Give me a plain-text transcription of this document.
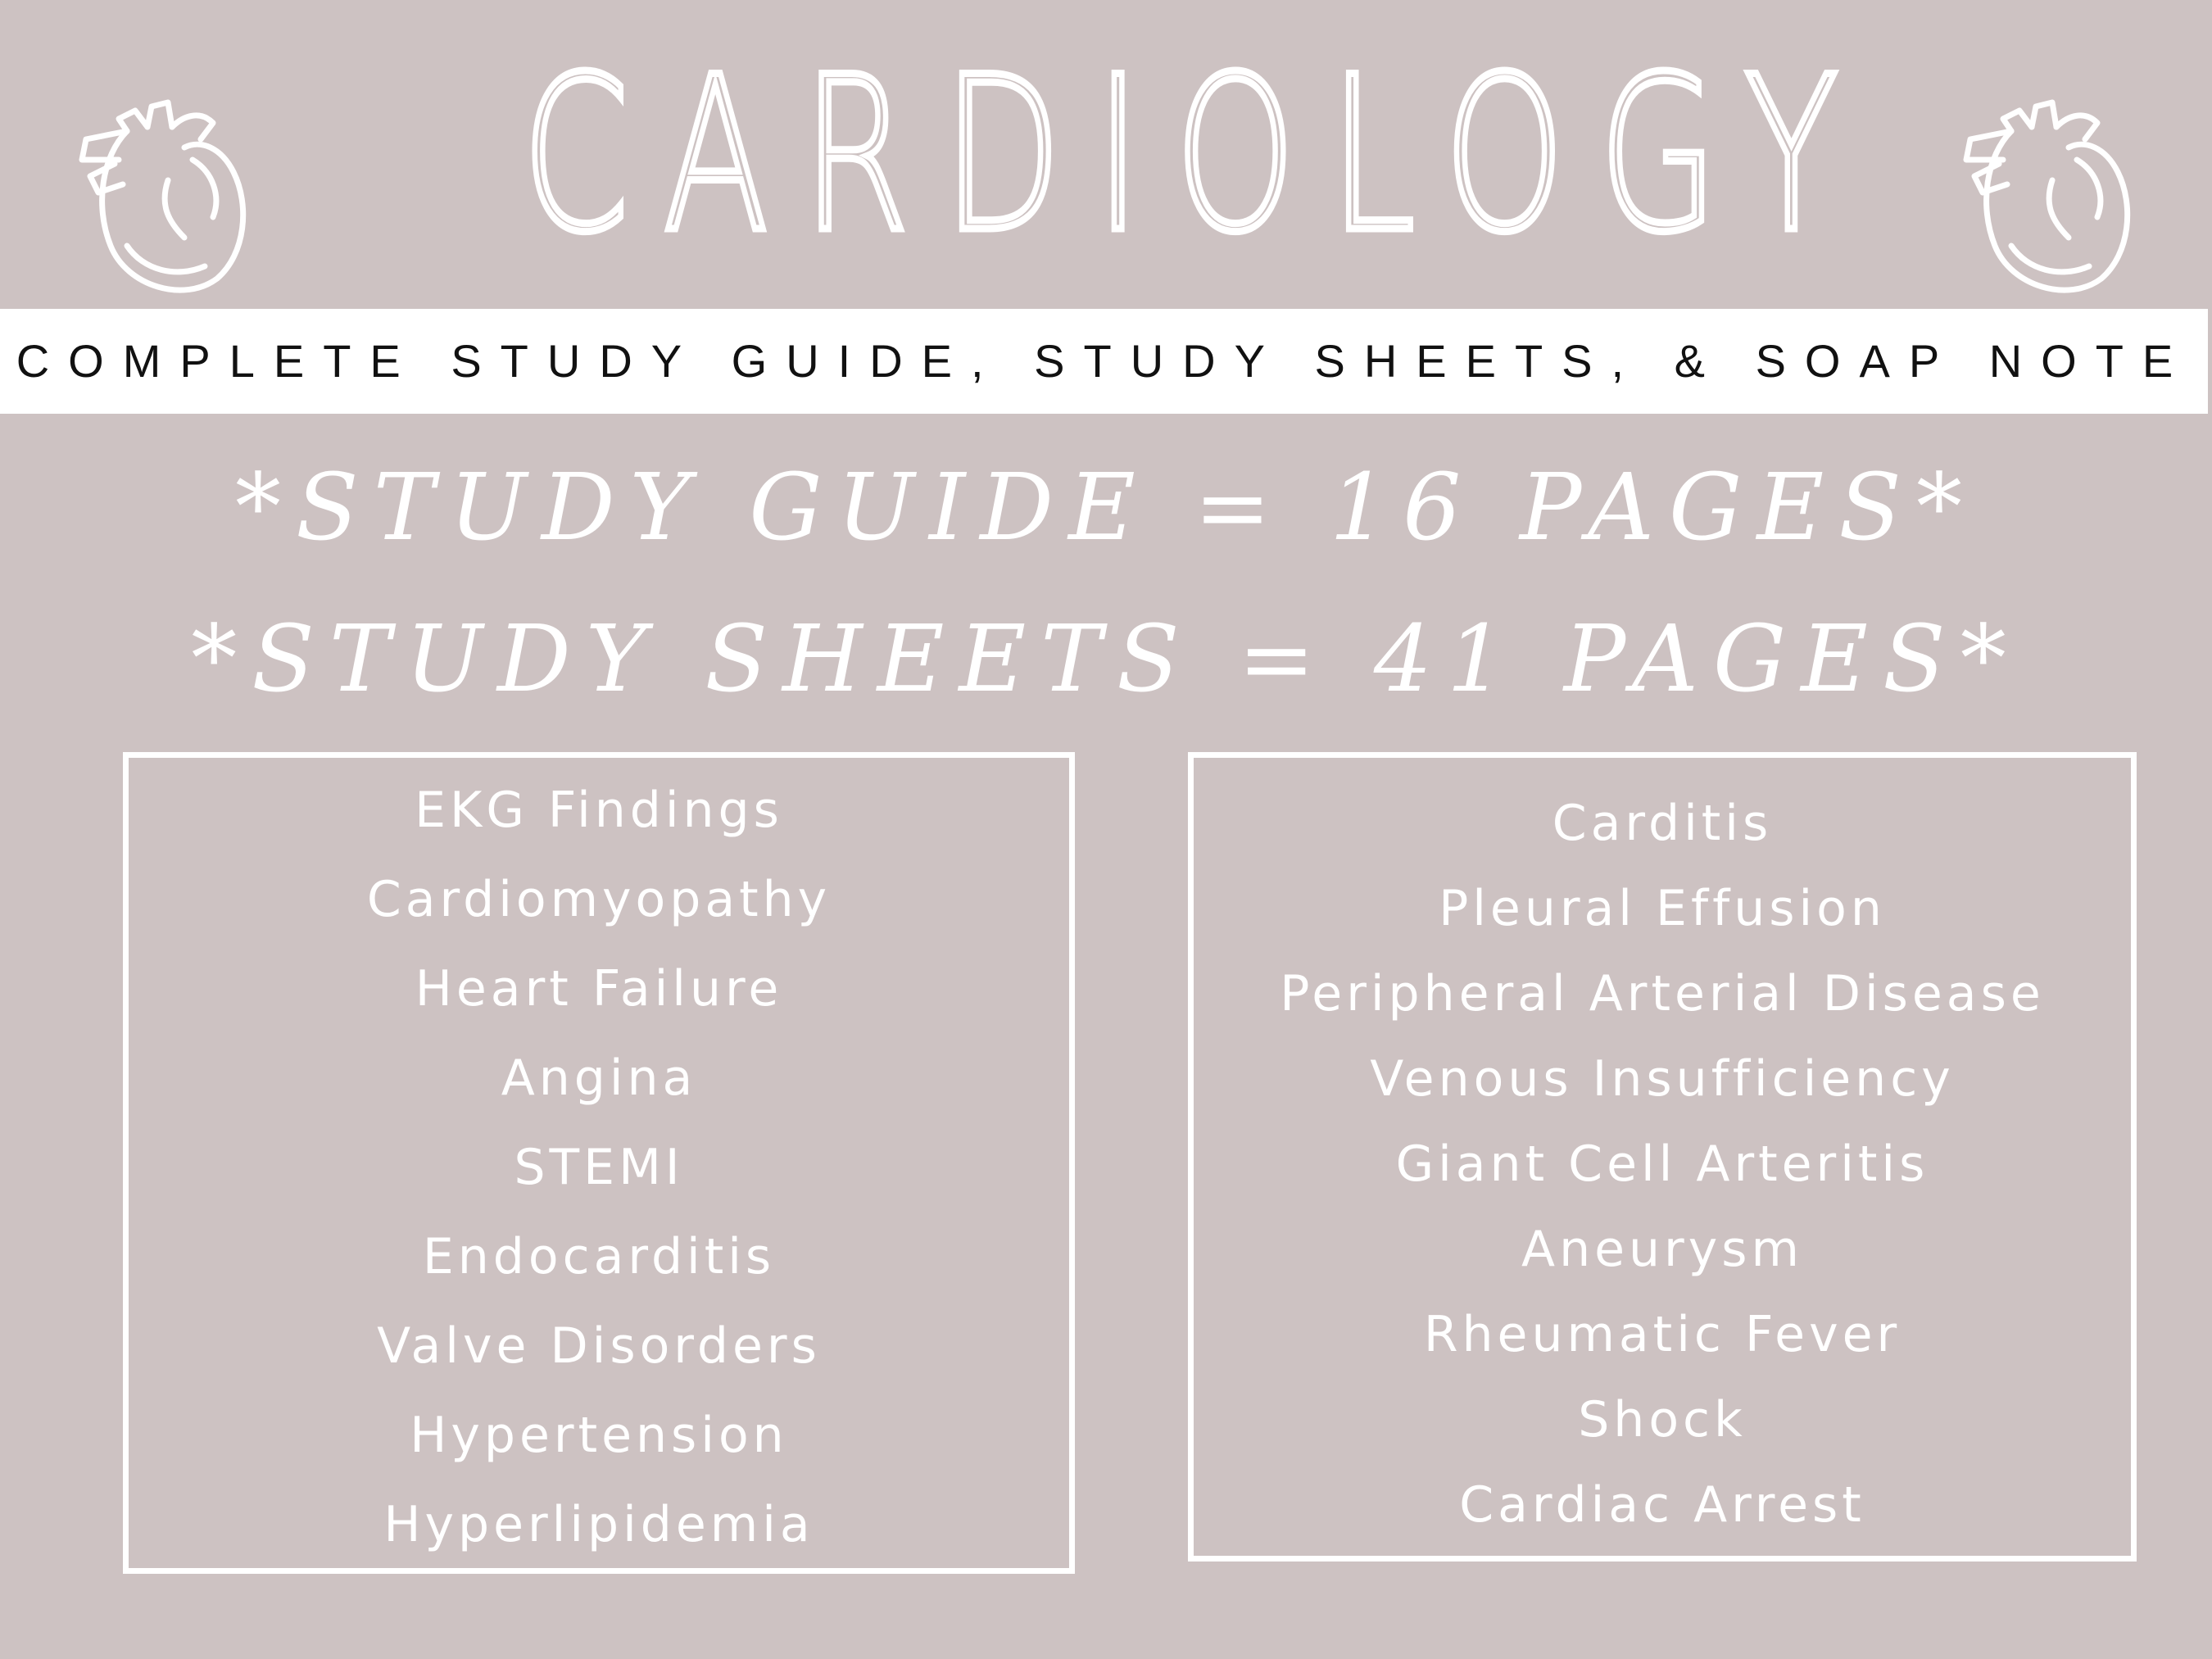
CARDIOLOGY
COMPLETE STUDY GUIDE, STUDY SHEETS, & SOAP NOTE
*STUDY GUIDE = 16 PAGES*
*STUDY SHEETS = 41 PAGES*
EKG Findings
Cardiomyopathy
Heart Failure
Angina
STEMI
Endocarditis
Valve Disorders
Hypertension
Hyperlipidemia
Carditis
Pleural Effusion
Peripheral Arterial Disease
Venous Insufficiency
Giant Cell Arteritis
Aneurysm
Rheumatic Fever
Shock
Cardiac Arrest
